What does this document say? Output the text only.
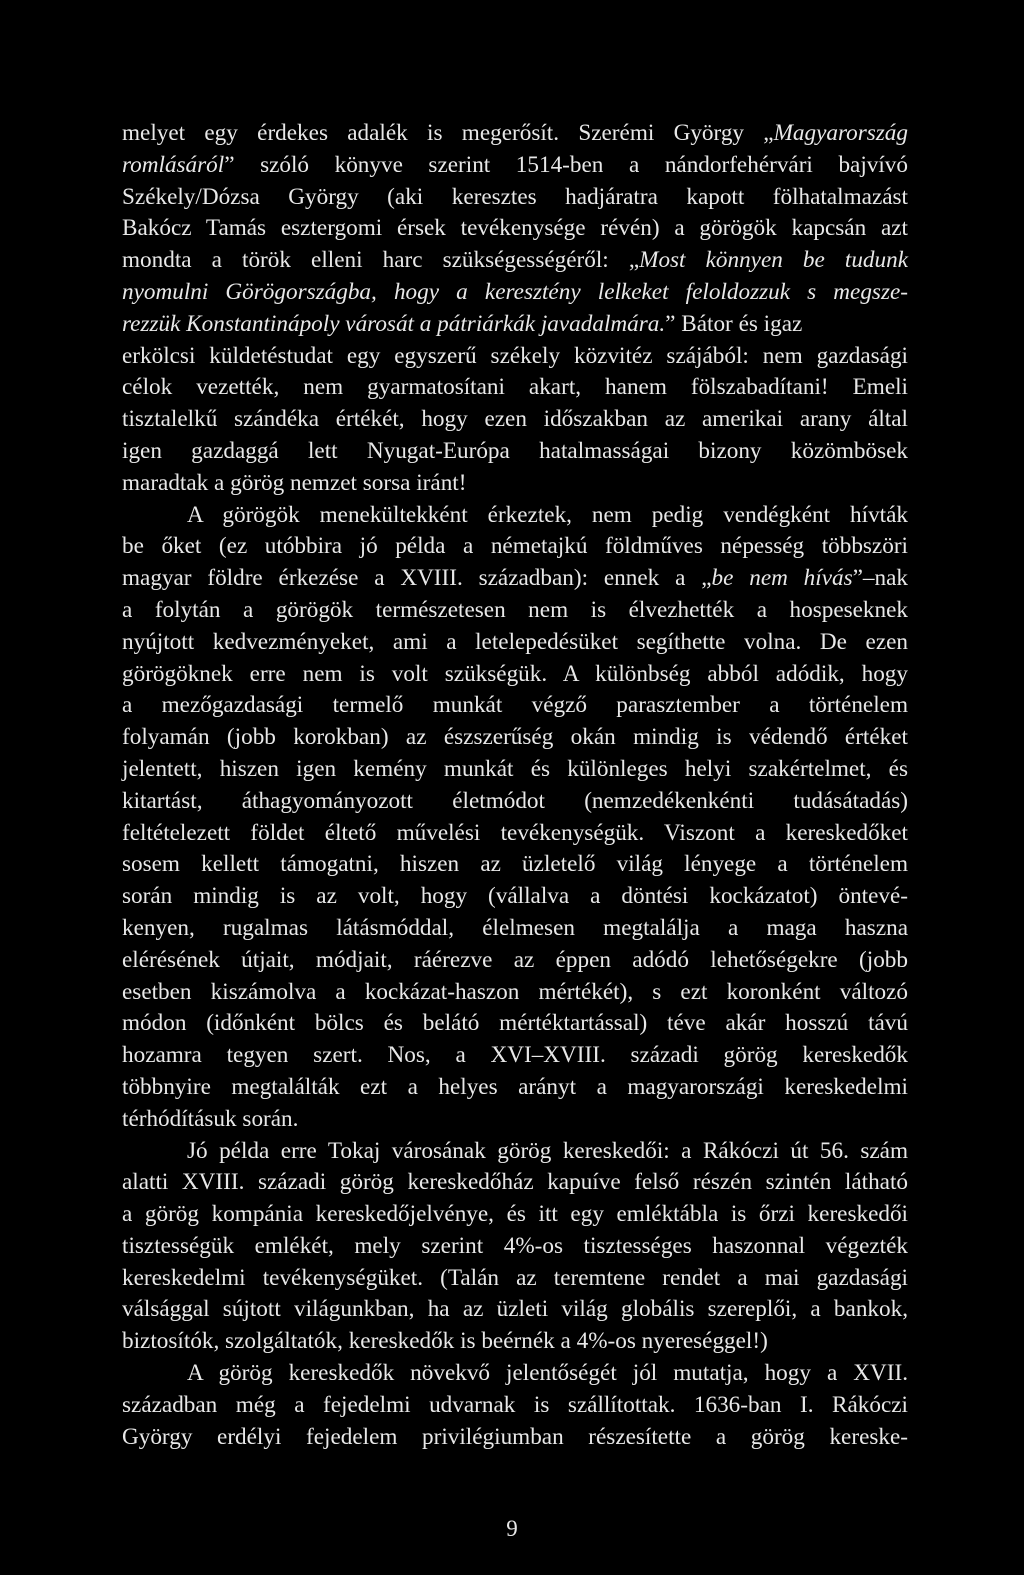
melyet egy érdekes adalék is megerősít. Szerémi György „Magyarország
romlásáról” szóló könyve szerint 1514-ben a nándorfehérvári bajvívó
Székely/Dózsa György (aki keresztes hadjáratra kapott fölhatalmazást
Bakócz Tamás esztergomi érsek tevékenysége révén) a görögök kapcsán azt
mondta a török elleni harc szükségességéről: „Most könnyen be tudunk
nyomulni Görögországba, hogy a keresztény lelkeket feloldozzuk s megsze-
rezzük Konstantinápoly városát a pátriárkák javadalmára.” Bátor és igaz
erkölcsi küldetéstudat egy egyszerű székely közvitéz szájából: nem gazdasági
célok vezették, nem gyarmatosítani akart, hanem fölszabadítani! Emeli
tisztalelkű szándéka értékét, hogy ezen időszakban az amerikai arany által
igen gazdaggá lett Nyugat-Európa hatalmasságai bizony közömbösek
maradtak a görög nemzet sorsa iránt!
A görögök menekültekként érkeztek, nem pedig vendégként hívták
be őket (ez utóbbira jó példa a németajkú földműves népesség többszöri
magyar földre érkezése a XVIII. században): ennek a „be nem hívás”–nak
a folytán a görögök természetesen nem is élvezhették a hospeseknek
nyújtott kedvezményeket, ami a letelepedésüket segíthette volna. De ezen
görögöknek erre nem is volt szükségük. A különbség abból adódik, hogy
a mezőgazdasági termelő munkát végző parasztember a történelem
folyamán (jobb korokban) az észszerűség okán mindig is védendő értéket
jelentett, hiszen igen kemény munkát és különleges helyi szakértelmet, és
kitartást, áthagyományozott életmódot (nemzedékenkénti tudásátadás)
feltételezett földet éltető művelési tevékenységük. Viszont a kereskedőket
sosem kellett támogatni, hiszen az üzletelő világ lényege a történelem
során mindig is az volt, hogy (vállalva a döntési kockázatot) öntevé-
kenyen, rugalmas látásmóddal, élelmesen megtalálja a maga haszna
elérésének útjait, módjait, ráérezve az éppen adódó lehetőségekre (jobb
esetben kiszámolva a kockázat-haszon mértékét), s ezt koronként változó
módon (időnként bölcs és belátó mértéktartással) téve akár hosszú távú
hozamra tegyen szert. Nos, a XVI–XVIII. századi görög kereskedők
többnyire megtalálták ezt a helyes arányt a magyarországi kereskedelmi
térhódításuk során.
Jó példa erre Tokaj városának görög kereskedői: a Rákóczi út 56. szám
alatti XVIII. századi görög kereskedőház kapuíve felső részén szintén látható
a görög kompánia kereskedőjelvénye, és itt egy emléktábla is őrzi kereskedői
tisztességük emlékét, mely szerint 4%-os tisztességes haszonnal végezték
kereskedelmi tevékenységüket. (Talán az teremtene rendet a mai gazdasági
válsággal sújtott világunkban, ha az üzleti világ globális szereplői, a bankok,
biztosítók, szolgáltatók, kereskedők is beérnék a 4%-os nyereséggel!)
A görög kereskedők növekvő jelentőségét jól mutatja, hogy a XVII.
században még a fejedelmi udvarnak is szállítottak. 1636-ban I. Rákóczi
György erdélyi fejedelem privilégiumban részesítette a görög kereske-
9
